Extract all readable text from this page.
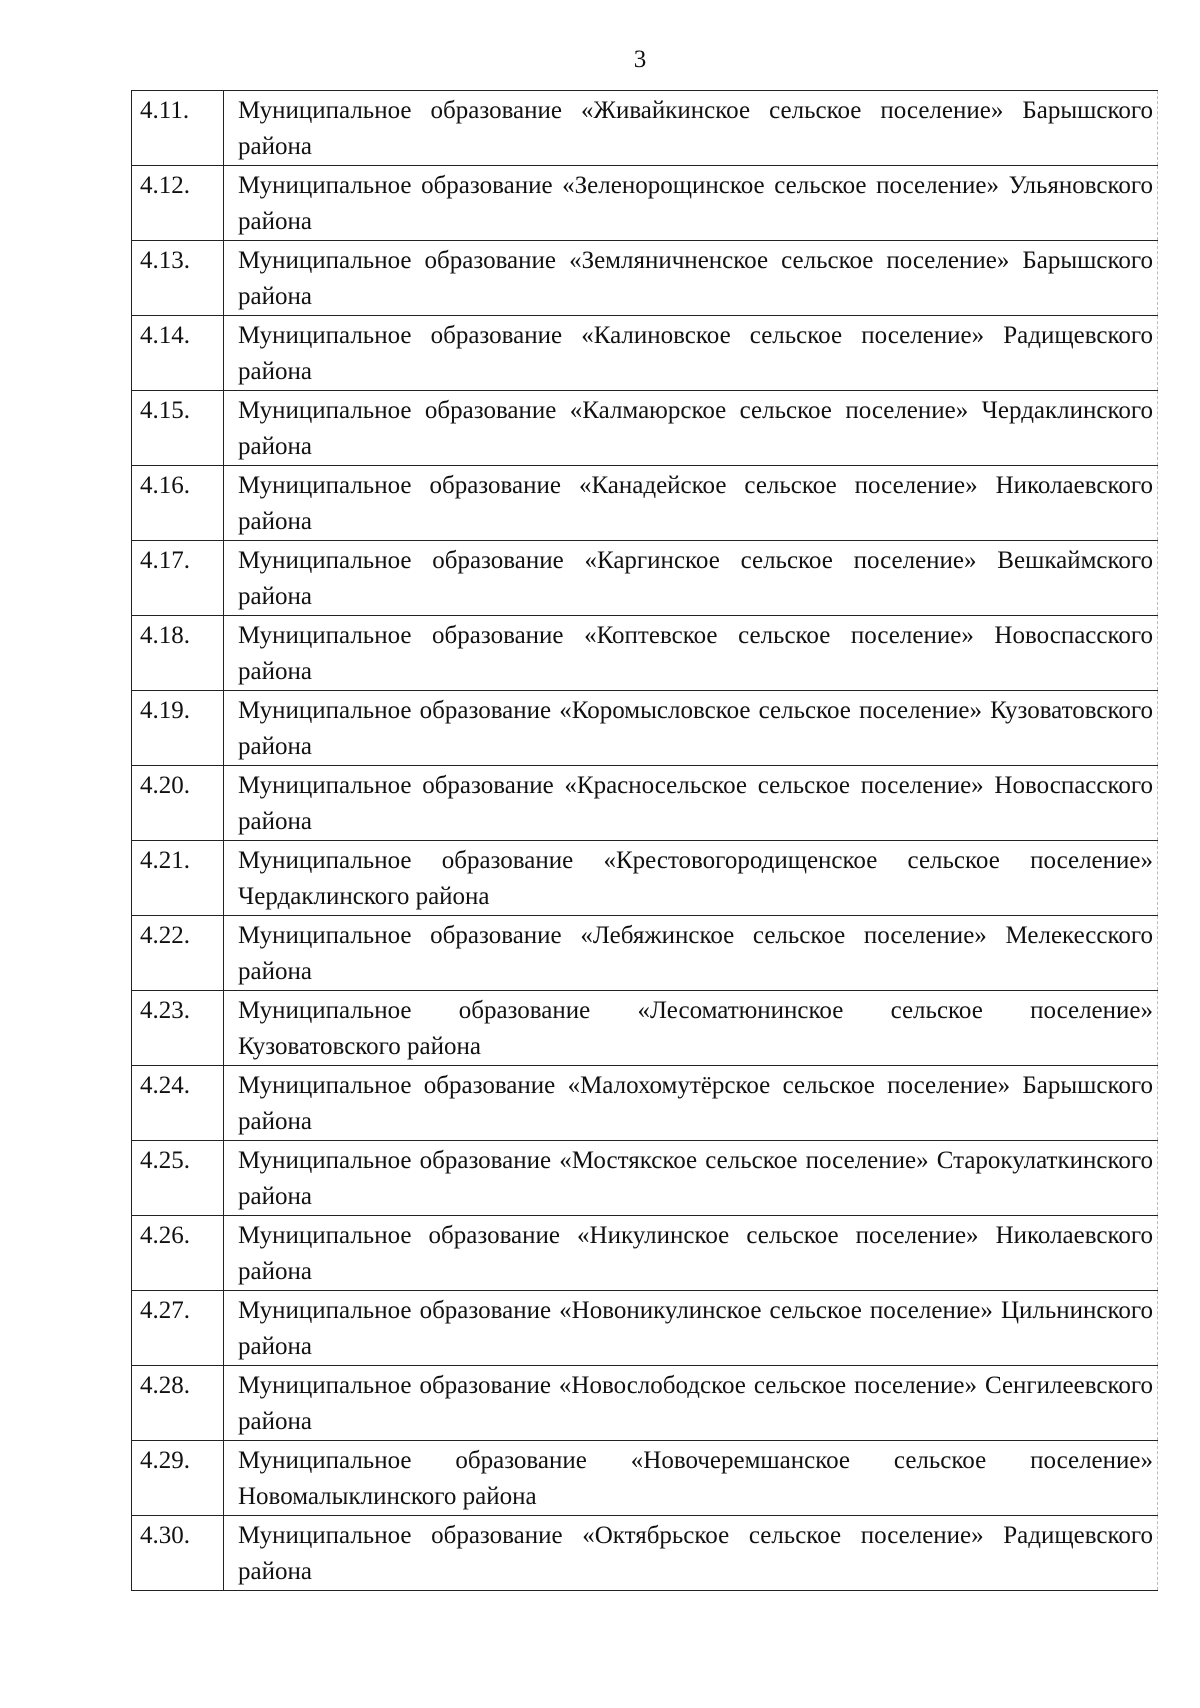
3
4.11.	Муниципальное образование «Живайкинское сельское поселение» Барышского района
4.12.	Муниципальное образование «Зеленорощинское сельское поселение» Ульяновского района
4.13.	Муниципальное образование «Земляничненское сельское поселение» Барышского района
4.14.	Муниципальное образование «Калиновское сельское поселение» Радищевского района
4.15.	Муниципальное образование «Калмаюрское сельское поселение» Чердаклинского района
4.16.	Муниципальное образование «Канадейское сельское поселение» Николаевского района
4.17.	Муниципальное образование «Каргинское сельское поселение» Вешкаймского района
4.18.	Муниципальное образование «Коптевское сельское поселение» Новоспасского района
4.19.	Муниципальное образование «Коромысловское сельское поселение» Кузоватовского района
4.20.	Муниципальное образование «Красносельское сельское поселение» Новоспасского района
4.21.	Муниципальное образование «Крестовогородищенское сельское поселение» Чердаклинского района
4.22.	Муниципальное образование «Лебяжинское сельское поселение» Мелекесского района
4.23.	Муниципальное образование «Лесоматюнинское сельское поселение» Кузоватовского района
4.24.	Муниципальное образование «Малохомутёрское сельское поселение» Барышского района
4.25.	Муниципальное образование «Мостякское сельское поселение» Старокулаткинского района
4.26.	Муниципальное образование «Никулинское сельское поселение» Николаевского района
4.27.	Муниципальное образование «Новоникулинское сельское поселение» Цильнинского района
4.28.	Муниципальное образование «Новослободское сельское поселение» Сенгилеевского района
4.29.	Муниципальное образование «Новочеремшанское сельское поселение» Новомалыклинского района
4.30.	Муниципальное образование «Октябрьское сельское поселение» Радищевского района
